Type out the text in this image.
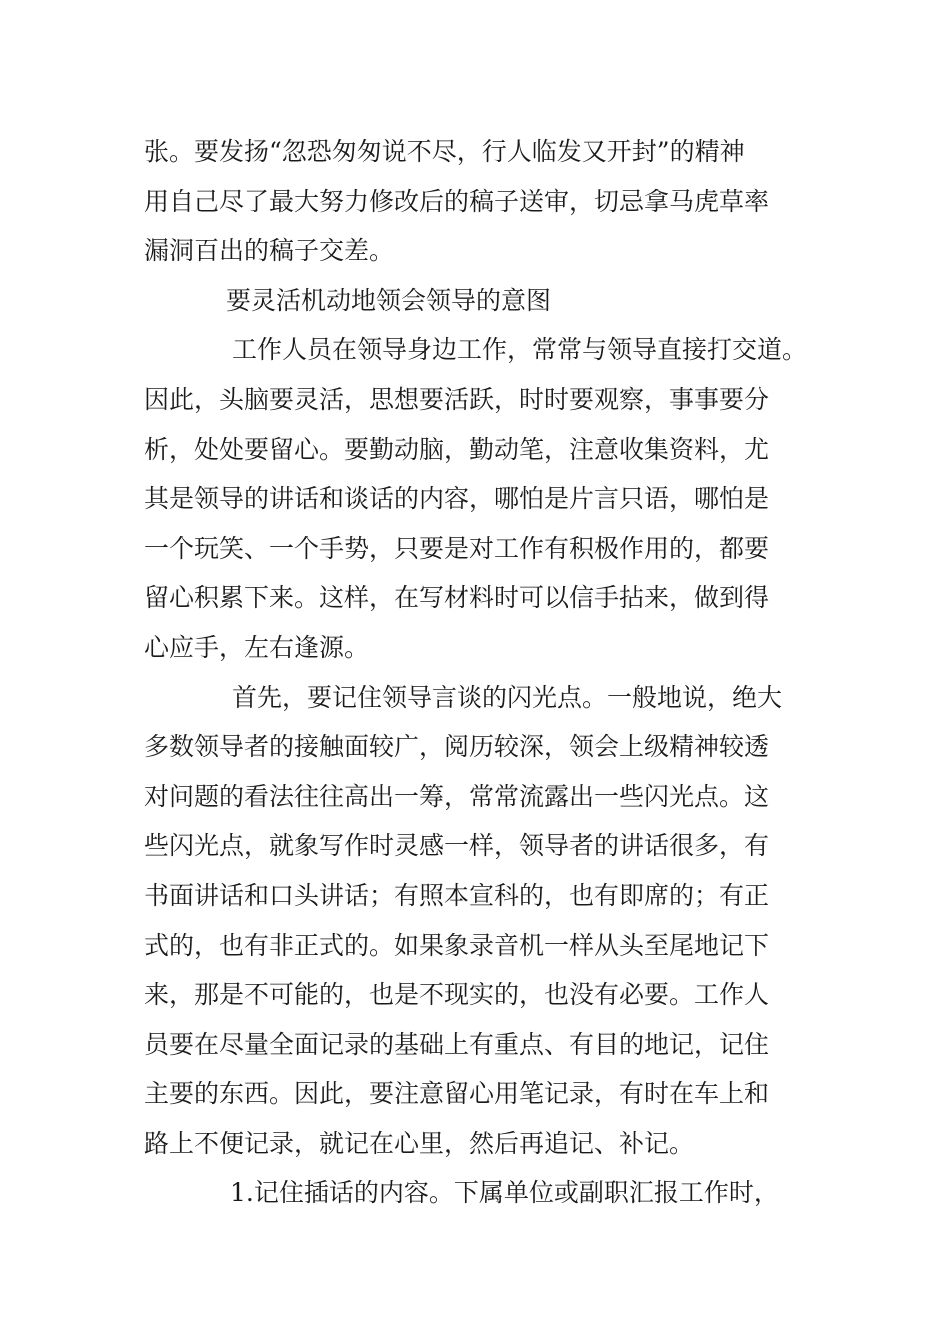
张。要发扬“忽恐匆匆说不尽，行人临发又开封”的精神
用自己尽了最大努力修改后的稿子送审，切忌拿马虎草率
漏洞百出的稿子交差。
要灵活机动地领会领导的意图
工作人员在领导身边工作，常常与领导直接打交道。
因此，头脑要灵活，思想要活跃，时时要观察，事事要分
析，处处要留心。要勤动脑，勤动笔，注意收集资料，尤
其是领导的讲话和谈话的内容，哪怕是片言只语，哪怕是
一个玩笑、一个手势，只要是对工作有积极作用的，都要
留心积累下来。这样，在写材料时可以信手拈来，做到得
心应手，左右逢源。
首先，要记住领导言谈的闪光点。一般地说，绝大
多数领导者的接触面较广，阅历较深，领会上级精神较透
对问题的看法往往高出一筹，常常流露出一些闪光点。这
些闪光点，就象写作时灵感一样，领导者的讲话很多，有
书面讲话和口头讲话；有照本宣科的，也有即席的；有正
式的，也有非正式的。如果象录音机一样从头至尾地记下
来，那是不可能的，也是不现实的，也没有必要。工作人
员要在尽量全面记录的基础上有重点、有目的地记，记住
主要的东西。因此，要注意留心用笔记录，有时在车上和
路上不便记录，就记在心里，然后再追记、补记。
1.记住插话的内容。下属单位或副职汇报工作时，
